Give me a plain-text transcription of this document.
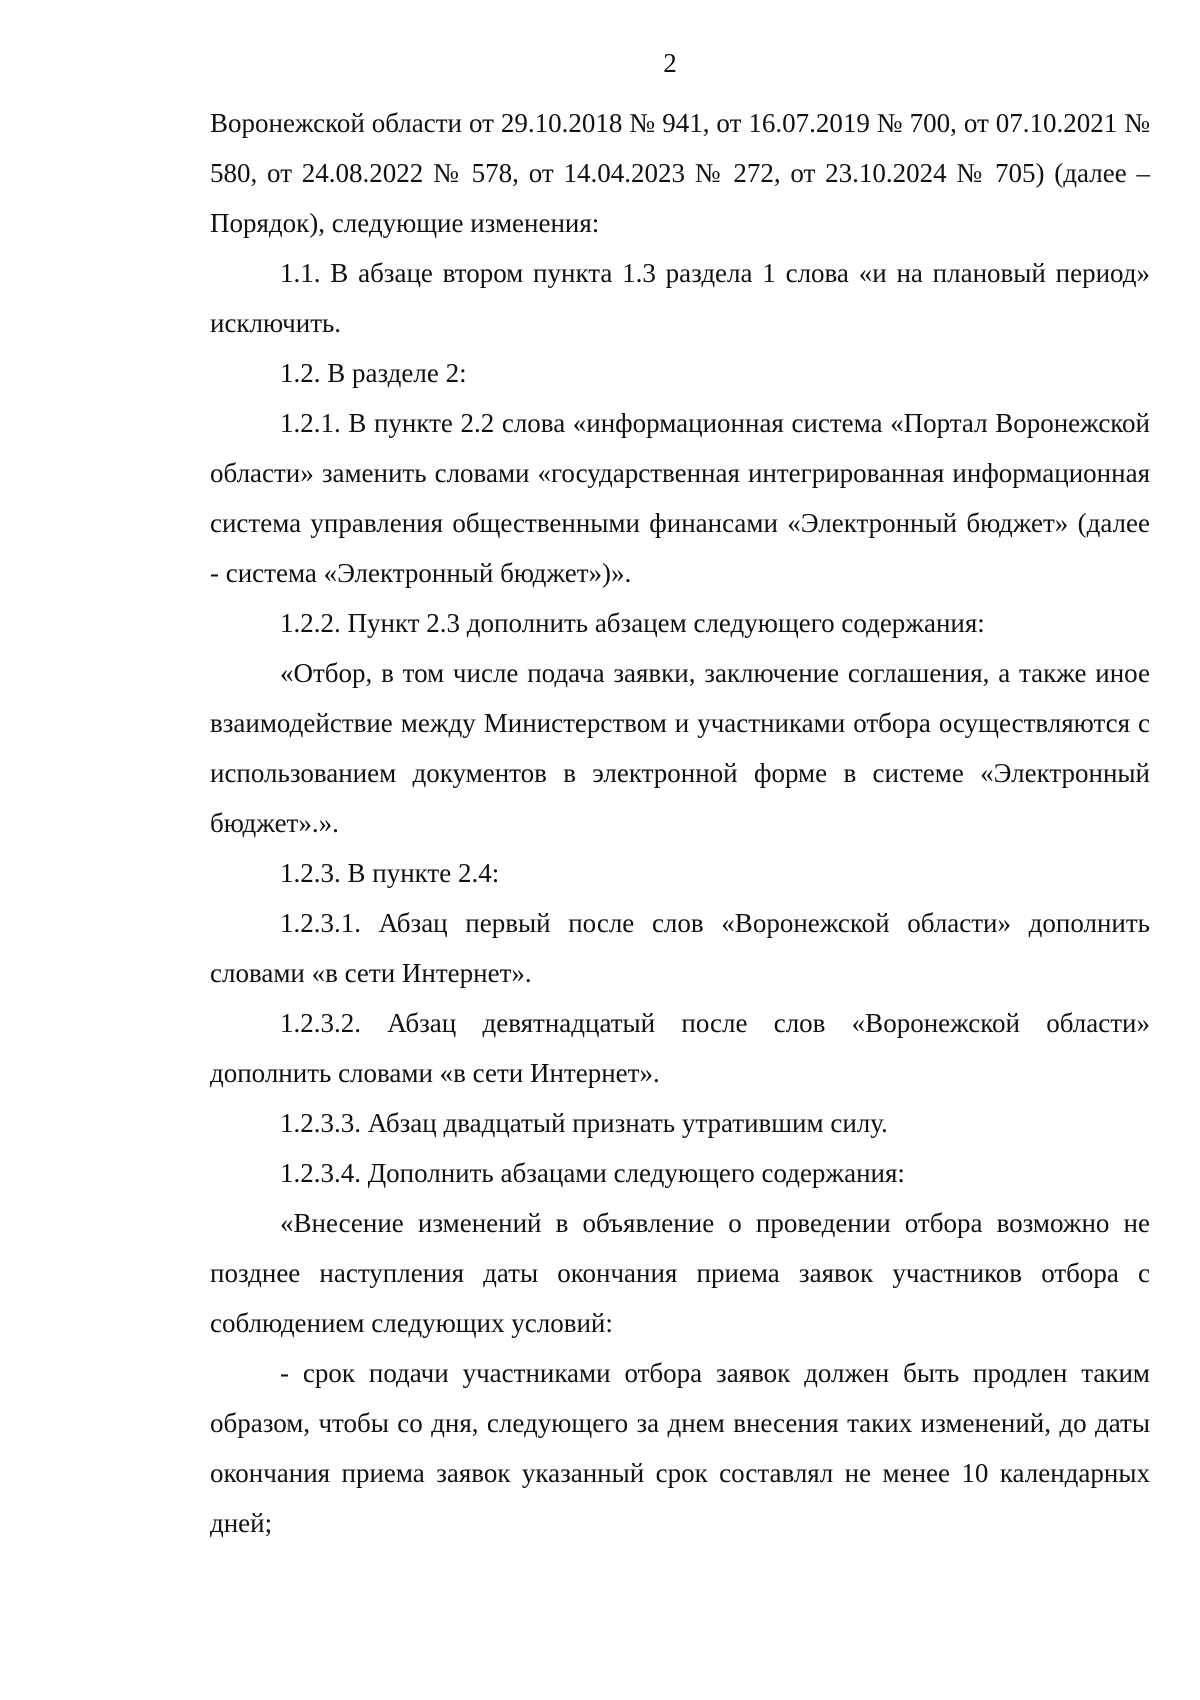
2

Воронежской области от 29.10.2018 № 941, от 16.07.2019 № 700, от 07.10.2021 № 580, от 24.08.2022 № 578, от 14.04.2023 № 272, от 23.10.2024 № 705) (далее – Порядок), следующие изменения:

1.1. В абзаце втором пункта 1.3 раздела 1 слова «и на плановый период» исключить.

1.2. В разделе 2:

1.2.1. В пункте 2.2 слова «информационная система «Портал Воронежской области» заменить словами «государственная интегрированная информационная система управления общественными финансами «Электронный бюджет» (далее - система «Электронный бюджет»)».

1.2.2. Пункт 2.3 дополнить абзацем следующего содержания:

«Отбор, в том числе подача заявки, заключение соглашения, а также иное взаимодействие между Министерством и участниками отбора осуществляются с использованием документов в электронной форме в системе «Электронный бюджет».».

1.2.3. В пункте 2.4:

1.2.3.1. Абзац первый после слов «Воронежской области» дополнить словами «в сети Интернет».

1.2.3.2. Абзац девятнадцатый после слов «Воронежской области» дополнить словами «в сети Интернет».

1.2.3.3. Абзац двадцатый признать утратившим силу.

1.2.3.4. Дополнить абзацами следующего содержания:

«Внесение изменений в объявление о проведении отбора возможно не позднее наступления даты окончания приема заявок участников отбора с соблюдением следующих условий:

- срок подачи участниками отбора заявок должен быть продлен таким образом, чтобы со дня, следующего за днем внесения таких изменений, до даты окончания приема заявок указанный срок составлял не менее 10 календарных дней;
